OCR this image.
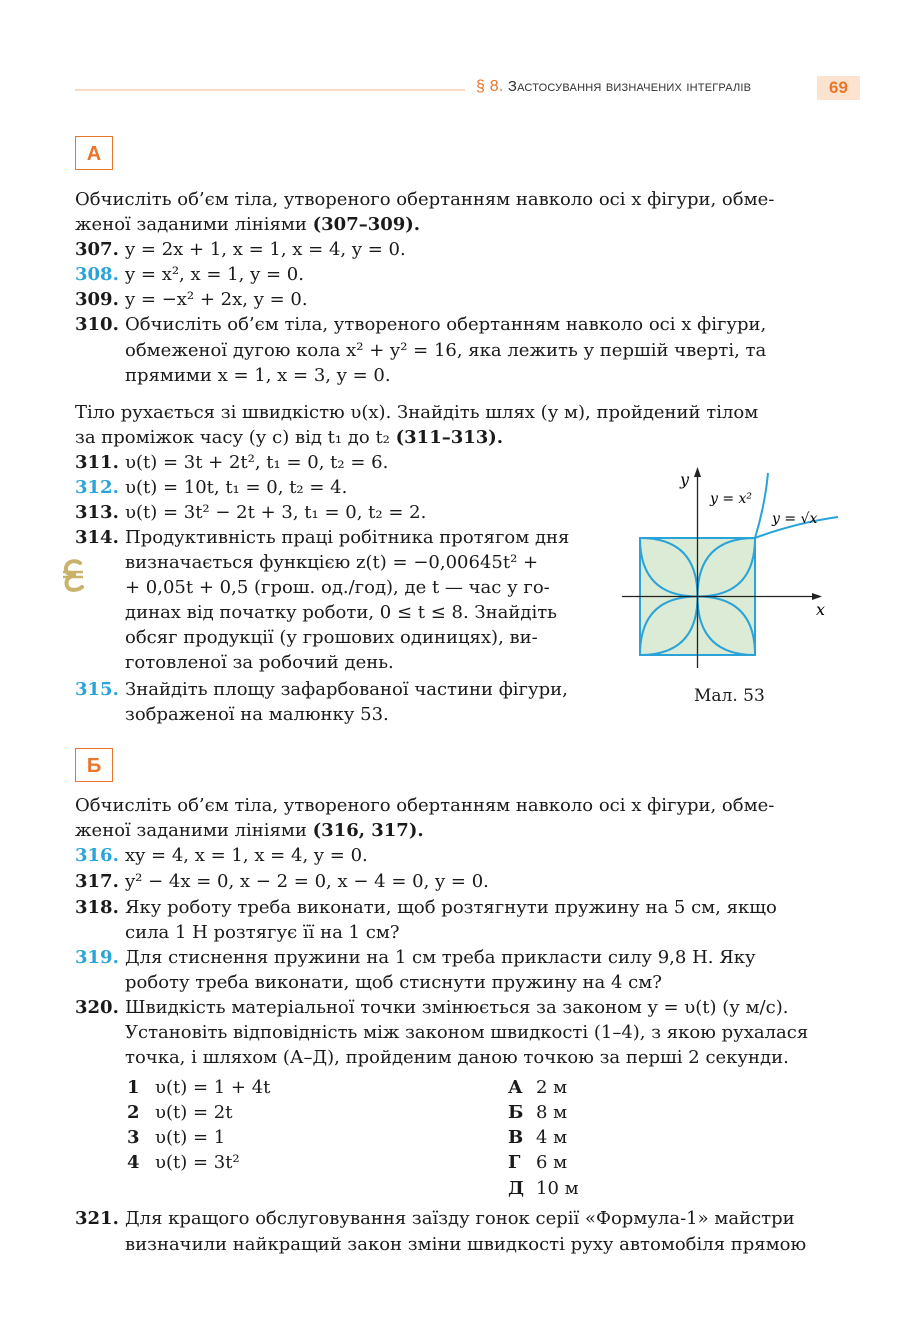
§ 8. Застосування визначених інтегралів	69
А
Обчисліть об’єм тіла, утвореного обертанням навколо осі x фігури, обме-
женої заданими лініями (307–309).
307. y = 2x + 1, x = 1, x = 4, y = 0.
308. y = x², x = 1, y = 0.
309. y = −x² + 2x, y = 0.
310. Обчисліть об’єм тіла, утвореного обертанням навколо осі x фігури,
обмеженої дугою кола x² + y² = 16, яка лежить у першій чверті, та
прямими x = 1, x = 3, y = 0.
Тіло рухається зі швидкістю υ(x). Знайдіть шлях (у м), пройдений тілом
за проміжок часу (у с) від t₁ до t₂ (311–313).
311. υ(t) = 3t + 2t², t₁ = 0, t₂ = 6.
312. υ(t) = 10t, t₁ = 0, t₂ = 4.
313. υ(t) = 3t² − 2t + 3, t₁ = 0, t₂ = 2.
314. Продуктивність праці робітника протягом дня
визначається функцією z(t) = −0,00645t² +
+ 0,05t + 0,5 (грош. од./год), де t — час у го-
динах від початку роботи, 0 ≤ t ≤ 8. Знайдіть
обсяг продукції (у грошових одиницях), ви-
готовленої за робочий день.
315. Знайдіть площу зафарбованої частини фігури,
зображеної на малюнку 53.
y
x
y = x²
y = √x
Мал. 53
Б
Обчисліть об’єм тіла, утвореного обертанням навколо осі x фігури, обме-
женої заданими лініями (316, 317).
316. xy = 4, x = 1, x = 4, y = 0.
317. y² − 4x = 0, x − 2 = 0, x − 4 = 0, y = 0.
318. Яку роботу треба виконати, щоб розтягнути пружину на 5 см, якщо
сила 1 Н розтягує її на 1 см?
319. Для стиснення пружини на 1 см треба прикласти силу 9,8 Н. Яку
роботу треба виконати, щоб стиснути пружину на 4 см?
320. Швидкість матеріальної точки змінюється за законом y = υ(t) (у м/с).
Установіть відповідність між законом швидкості (1–4), з якою рухалася
точка, і шляхом (А–Д), пройденим даною точкою за перші 2 секунди.
1 υ(t) = 1 + 4t
2 υ(t) = 2t
3 υ(t) = 1
4 υ(t) = 3t²
А 2 м
Б 8 м
В 4 м
Г 6 м
Д 10 м
321. Для кращого обслуговування заїзду гонок серії «Формула-1» майстри
визначили найкращий закон зміни швидкості руху автомобіля прямою
